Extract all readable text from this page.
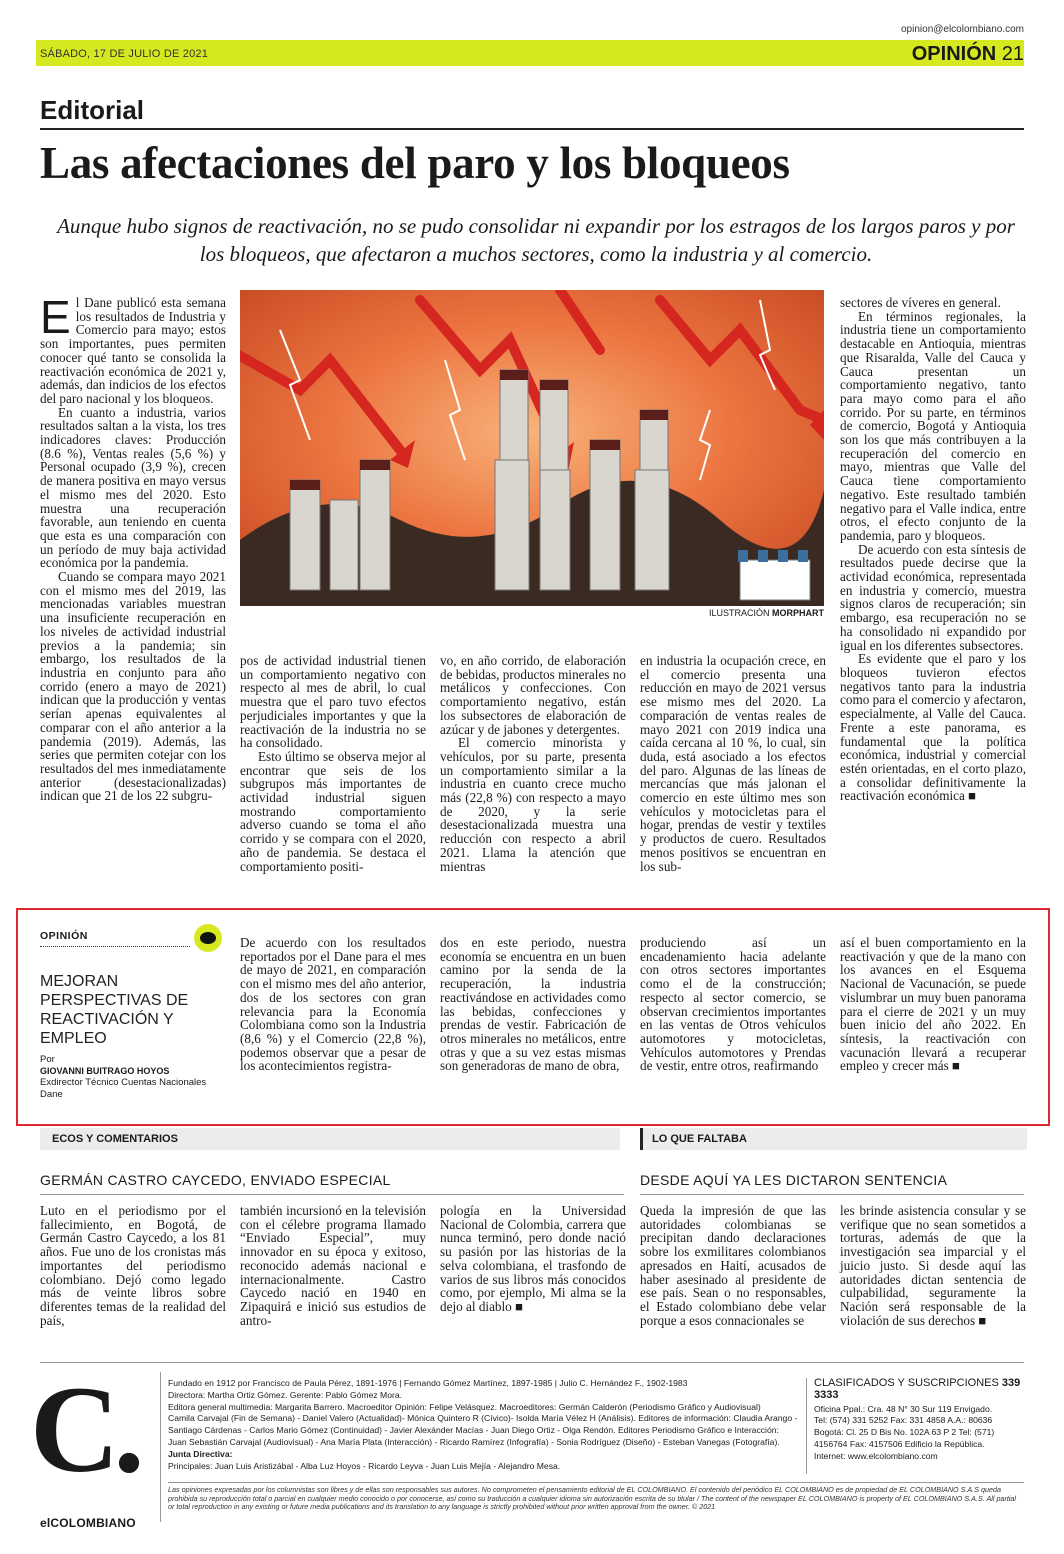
opinion@elcolombiano.com
SÁBADO, 17 DE JULIO DE 2021	OPINIÓN 21
Editorial
Las afectaciones del paro y los bloqueos
Aunque hubo signos de reactivación, no se pudo consolidar ni expandir por los estragos de los largos paros y por los bloqueos, que afectaron a muchos sectores, como la industria y al comercio.
ILUSTRACIÓN MORPHART

El Dane publicó esta semana los resultados de Industria y Comercio para mayo; estos son importantes, pues permiten conocer qué tanto se consolida la reactivación económica de 2021 y, además, dan indicios de los efectos del paro nacional y los bloqueos.

En cuanto a industria, varios resultados saltan a la vista, los tres indicadores claves: Producción (8.6 %), Ventas reales (5,6 %) y Personal ocupado (3,9 %), crecen de manera positiva en mayo versus el mismo mes del 2020. Esto muestra una recuperación favorable, aun teniendo en cuenta que esta es una comparación con un período de muy baja actividad económica por la pandemia.

Cuando se compara mayo 2021 con el mismo mes del 2019, las mencionadas variables muestran una insuficiente recuperación en los niveles de actividad industrial previos a la pandemia; sin embargo, los resultados de la industria en conjunto para año corrido (enero a mayo de 2021) indican que la producción y ventas serían apenas equivalentes al comparar con el año anterior a la pandemia (2019). Además, las series que permiten cotejar con los resultados del mes inmediatamente anterior (desestacionalizadas) indican que 21 de los 22 subgru-

pos de actividad industrial tienen un comportamiento negativo con respecto al mes de abril, lo cual muestra que el paro tuvo efectos perjudiciales importantes y que la reactivación de la industria no se ha consolidado.

Esto último se observa mejor al encontrar que seis de los subgrupos más importantes de actividad industrial siguen mostrando comportamiento adverso cuando se toma el año corrido y se compara con el 2020, año de pandemia. Se destaca el comportamiento positi-

vo, en año corrido, de elaboración de bebidas, productos minerales no metálicos y confecciones. Con comportamiento negativo, están los subsectores de elaboración de azúcar y de jabones y detergentes.

El comercio minorista y vehículos, por su parte, presenta un comportamiento similar a la industria en cuanto crece mucho más (22,8 %) con respecto a mayo de 2020, y la serie desestacionalizada muestra una reducción con respecto a abril 2021. Llama la atención que mientras

en industria la ocupación crece, en el comercio presenta una reducción en mayo de 2021 versus ese mismo mes del 2020. La comparación de ventas reales de mayo 2021 con 2019 indica una caída cercana al 10 %, lo cual, sin duda, está asociado a los efectos del paro. Algunas de las líneas de mercancías que más jalonan el comercio en este último mes son vehículos y motocicletas para el hogar, prendas de vestir y textiles y productos de cuero. Resultados menos positivos se encuentran en los sub-

sectores de víveres en general.

En términos regionales, la industria tiene un comportamiento destacable en Antioquia, mientras que Risaralda, Valle del Cauca y Cauca presentan un comportamiento negativo, tanto para mayo como para el año corrido. Por su parte, en términos de comercio, Bogotá y Antioquia son los que más contribuyen a la recuperación del comercio en mayo, mientras que Valle del Cauca tiene comportamiento negativo. Este resultado también negativo para el Valle indica, entre otros, el efecto conjunto de la pandemia, paro y bloqueos.

De acuerdo con esta síntesis de resultados puede decirse que la actividad económica, representada en industria y comercio, muestra signos claros de recuperación; sin embargo, esa recuperación no se ha consolidado ni expandido por igual en los diferentes subsectores.

Es evidente que el paro y los bloqueos tuvieron efectos negativos tanto para la industria como para el comercio y afectaron, especialmente, al Valle del Cauca. Frente a este panorama, es fundamental que la política económica, industrial y comercial estén orientadas, en el corto plazo, a consolidar definitivamente la reactivación económica ■

OPINIÓN
MEJORAN PERSPECTIVAS DE REACTIVACIÓN Y EMPLEO
Por
GIOVANNI BUITRAGO HOYOS
Exdirector Técnico Cuentas Nacionales Dane
De acuerdo con los resultados reportados por el Dane para el mes de mayo de 2021, en comparación con el mismo mes del año anterior, dos de los sectores con gran relevancia para la Economía Colombiana como son la Industria (8,6 %) y el Comercio (22,8 %), podemos observar que a pesar de los acontecimientos registra-
dos en este periodo, nuestra economía se encuentra en un buen camino por la senda de la recuperación, la industria reactivándose en actividades como las bebidas, confecciones y prendas de vestir. Fabricación de otros minerales no metálicos, entre otras y que a su vez estas mismas son generadoras de mano de obra,
produciendo así un encadenamiento hacia adelante con otros sectores importantes como el de la construcción; respecto al sector comercio, se observan crecimientos importantes en las ventas de Otros vehículos automotores y motocicletas, Vehículos automotores y Prendas de vestir, entre otros, reafirmando
así el buen comportamiento en la reactivación y que de la mano con los avances en el Esquema Nacional de Vacunación, se puede vislumbrar un muy buen panorama para el cierre de 2021 y un muy buen inicio del año 2022. En síntesis, la reactivación con vacunación llevará a recuperar empleo y crecer más ■
ECOS Y COMENTARIOS
GERMÁN CASTRO CAYCEDO, ENVIADO ESPECIAL
Luto en el periodismo por el fallecimiento, en Bogotá, de Germán Castro Caycedo, a los 81 años. Fue uno de los cronistas más importantes del periodismo colombiano. Dejó como legado más de veinte libros sobre diferentes temas de la realidad del país,
también incursionó en la televisión con el célebre programa llamado “Enviado Especial”, muy innovador en su época y exitoso, reconocido además nacional e internacionalmente. Castro Caycedo nació en 1940 en Zipaquirá e inició sus estudios de antro-
pología en la Universidad Nacional de Colombia, carrera que nunca terminó, pero donde nació su pasión por las historias de la selva colombiana, el trasfondo de varios de sus libros más conocidos como, por ejemplo, Mi alma se la dejo al diablo ■
LO QUE FALTABA
DESDE AQUÍ YA LES DICTARON SENTENCIA
Queda la impresión de que las autoridades colombianas se precipitan dando declaraciones sobre los exmilitares colombianos apresados en Haití, acusados de haber asesinado al presidente de ese país. Sean o no responsables, el Estado colombiano debe velar porque a esos connacionales se
les brinde asistencia consular y se verifique que no sean sometidos a torturas, además de que la investigación sea imparcial y el juicio justo. Si desde aquí las autoridades dictan sentencia de culpabilidad, seguramente la Nación será responsable de la violación de sus derechos ■
C.
elCOLOMBIANO
Fundado en 1912 por Francisco de Paula Pérez, 1891-1976 | Fernando Gómez Martínez, 1897-1985 | Julio C. Hernández F., 1902-1983
Directora: Martha Ortiz Gómez. Gerente: Pablo Gómez Mora.
Editora general multimedia: Margarita Barrero. Macroeditor Opinión: Felipe Velásquez. Macroeditores: Germán Calderón (Periodismo Gráfico y Audiovisual)
Camila Carvajal (Fin de Semana) - Daniel Valero (Actualidad)- Mónica Quintero R (Cívico)- Isolda María Vélez H (Análisis). Editores de información: Claudia Arango -
Santiago Cárdenas - Carlos Mario Gómez (Continuidad) - Javier Alexánder Macías - Juan Diego Ortiz - Olga Rendón. Editores Periodismo Gráfico e Interacción:
Juan Sebastián Carvajal (Audiovisual) - Ana María Plata (Interacción) - Ricardo Ramírez (Infografía) - Sonia Rodríguez (Diseño) - Esteban Vanegas (Fotografía).
Junta Directiva:
Principales: Juan Luis Aristizábal - Alba Luz Hoyos - Ricardo Leyva - Juan Luis Mejía - Alejandro Mesa.
CLASIFICADOS Y SUSCRIPCIONES 339 3333
Oficina Ppal.: Cra. 48 N° 30 Sur 119 Envigado.
Tel: (574) 331 5252 Fax: 331 4858 A.A.: 80636
Bogotá: Cl. 25 D Bis No. 102A 63 P 2 Tel: (571)
4156764 Fax: 4157506 Edificio la República.
Internet: www.elcolombiano.com
Las opiniones expresadas por los columnistas son libres y de ellas son responsables sus autores. No comprometen el pensamiento editorial de EL COLOMBIANO. El contenido del periódico EL COLOMBIANO es de propiedad de EL COLOMBIANO S.A.S queda prohibida su reproducción total o parcial en cualquier medio conocido o por conocerse, así como su traducción a cualquier idioma sin autorización escrita de su titular / The content of the newspaper EL COLOMBIANO is property of EL COLOMBIANO S.A.S. All partial or total reproduction in any existing or future media publications and its translation to any language is strictly prohibited without prior written approval from the owner. © 2021
